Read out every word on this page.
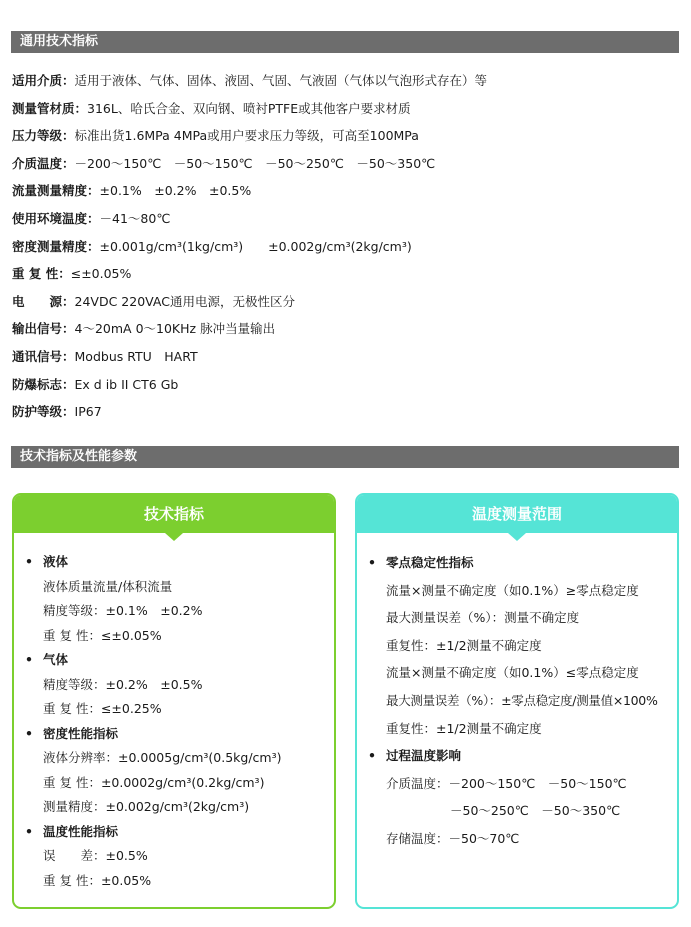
通用技术指标
适用介质：适用于液体、气体、固体、液固、气固、气液固（气体以气泡形式存在）等
测量管材质：316L、哈氏合金、双向钢、喷衬PTFE或其他客户要求材质
压力等级：标准出货1.6MPa 4MPa或用户要求压力等级，可高至100MPa
介质温度：－200～150℃　－50～150℃　－50～250℃　－50～350℃
流量测量精度：±0.1%　±0.2%　±0.5%
使用环境温度：－41～80℃
密度测量精度：±0.001g/cm³(1kg/cm³)　　±0.002g/cm³(2kg/cm³)
重 复 性：≤±0.05%
电　　源：24VDC 220VAC通用电源，无极性区分
输出信号：4～20mA 0～10KHz 脉冲当量输出
通讯信号：Modbus RTU　HART
防爆标志：Ex d ib II CT6 Gb
防护等级：IP67
技术指标及性能参数
技术指标
• 液体
液体质量流量/体积流量
精度等级：±0.1%　±0.2%
重 复 性：≤±0.05%
• 气体
精度等级：±0.2%　±0.5%
重 复 性：≤±0.25%
• 密度性能指标
液体分辨率：±0.0005g/cm³(0.5kg/cm³)
重 复 性：±0.0002g/cm³(0.2kg/cm³)
测量精度：±0.002g/cm³(2kg/cm³)
• 温度性能指标
误　　差：±0.5%
重 复 性：±0.05%
温度测量范围
• 零点稳定性指标
流量×测量不确定度（如0.1%）≥零点稳定度
最大测量误差（%）：测量不确定度
重复性：±1/2测量不确定度
流量×测量不确定度（如0.1%）≤零点稳定度
最大测量误差（%）：±零点稳定度/测量值×100%
重复性：±1/2测量不确定度
• 过程温度影响
介质温度：－200～150℃　－50～150℃
－50～250℃　－50～350℃
存储温度：－50～70℃
